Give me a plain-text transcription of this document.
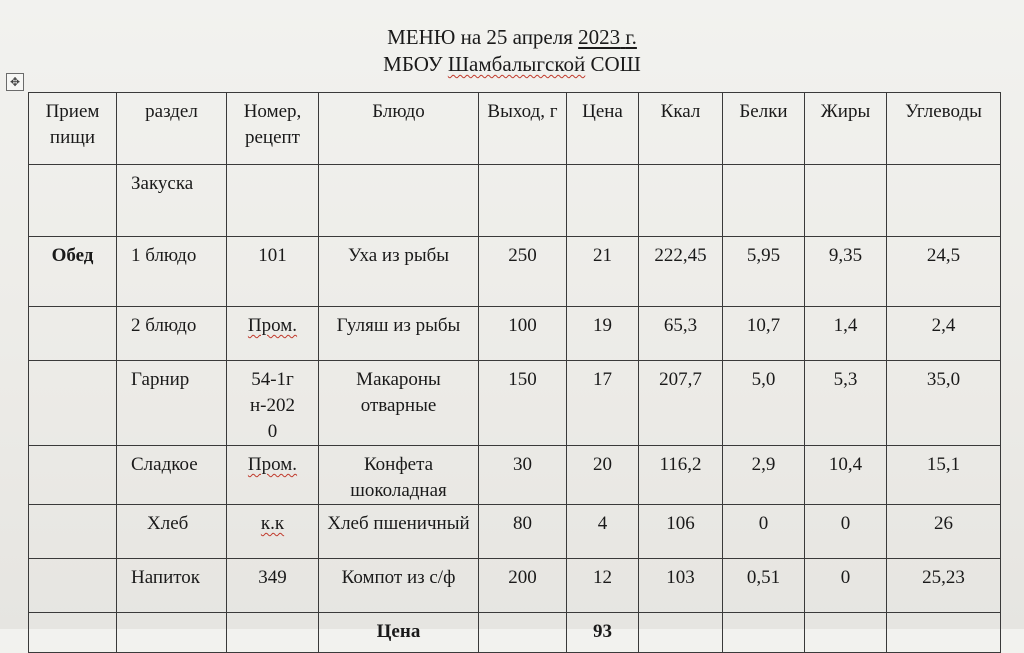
МЕНЮ на 25 апреля 2023 г.
МБОУ Шамбалыгской СОШ
✥
Прием пищи	раздел	Номер, рецепт	Блюдо	Выход, г	Цена	Ккал	Белки	Жиры	Углеводы
	Закуска								
Обед	1 блюдо	101	Уха из рыбы	250	21	222,45	5,95	9,35	24,5
	2 блюдо	Пром.	Гуляш из рыбы	100	19	65,3	10,7	1,4	2,4
	Гарнир	54-1гн-2020	Макароны отварные	150	17	207,7	5,0	5,3	35,0
	Сладкое	Пром.	Конфета шоколадная	30	20	116,2	2,9	10,4	15,1
	Хлеб	к.к	Хлеб пшеничный	80	4	106	0	0	26
	Напиток	349	Компот из с/ф	200	12	103	0,51	0	25,23
			Цена		93				
